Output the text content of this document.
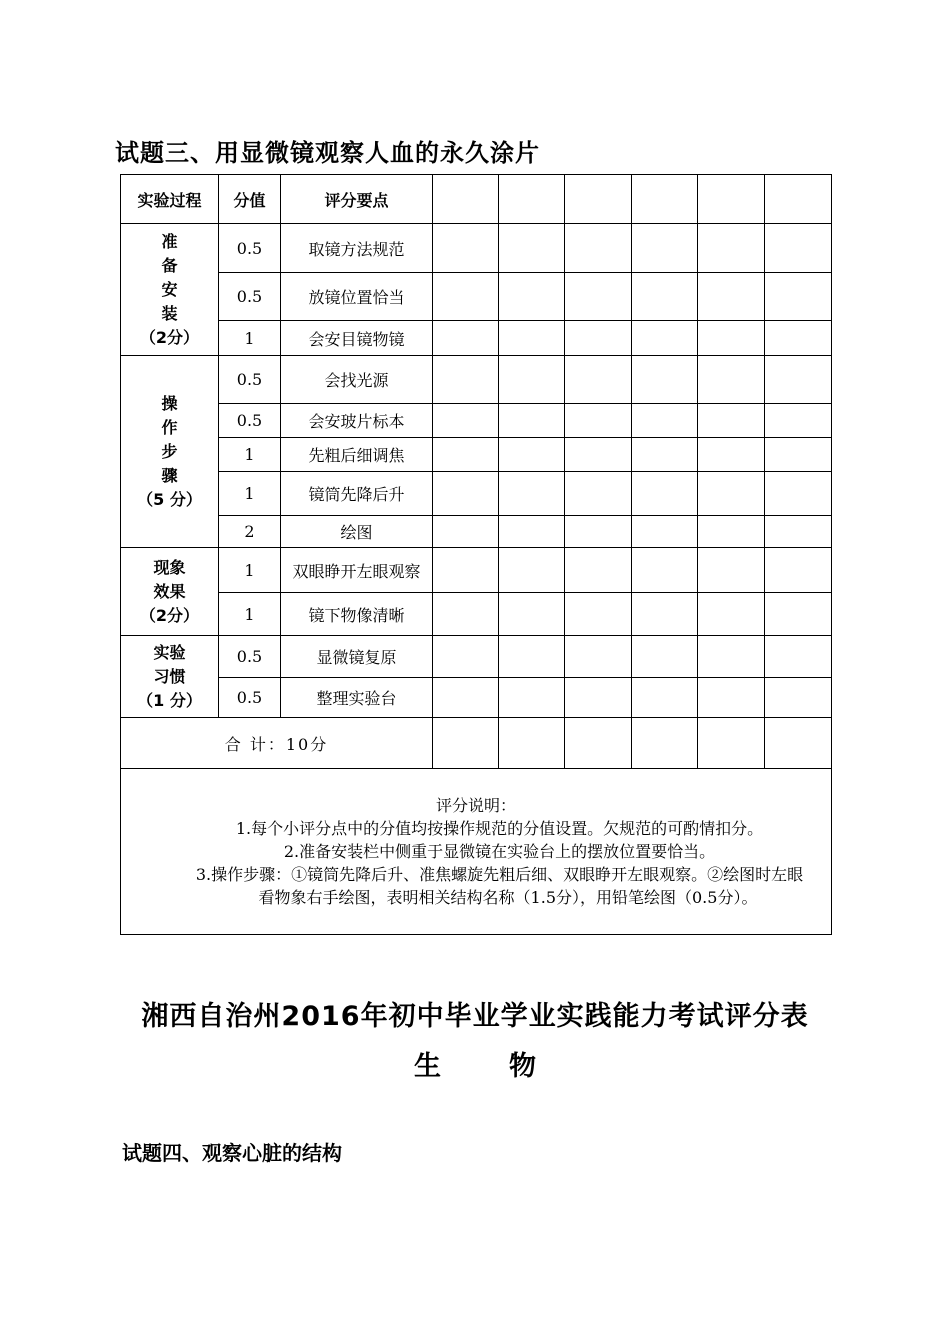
试题三、用显微镜观察人血的永久涂片
实验过程	分值	评分要点						

准
备
安
装
（2分）	0.5	取镜方法规范						
	0.5	放镜位置恰当						
	1	会安目镜物镜						

操
作
步
骤
（5 分）	0.5	会找光源						
	0.5	会安玻片标本						
	1	先粗后细调焦						
	1	镜筒先降后升						
	2	绘图						

现象
效果
（2分）	1	双眼睁开左眼观察						
	1	镜下物像清晰						

实验
习惯
（1 分）	0.5	显微镜复原						
	0.5	整理实验台						
合 计：10分								

评分说明：
1.每个小评分点中的分值均按操作规范的分值设置。欠规范的可酌情扣分。
2.准备安装栏中侧重于显微镜在实验台上的摆放位置要恰当。
3.操作步骤：①镜筒先降后升、准焦螺旋先粗后细、双眼睁开左眼观察。②绘图时左眼
看物象右手绘图，表明相关结构名称（1.5分），用铅笔绘图（0.5分）。								
湘西自治州2016年初中毕业学业实践能力考试评分表
生	物
试题四、观察心脏的结构
